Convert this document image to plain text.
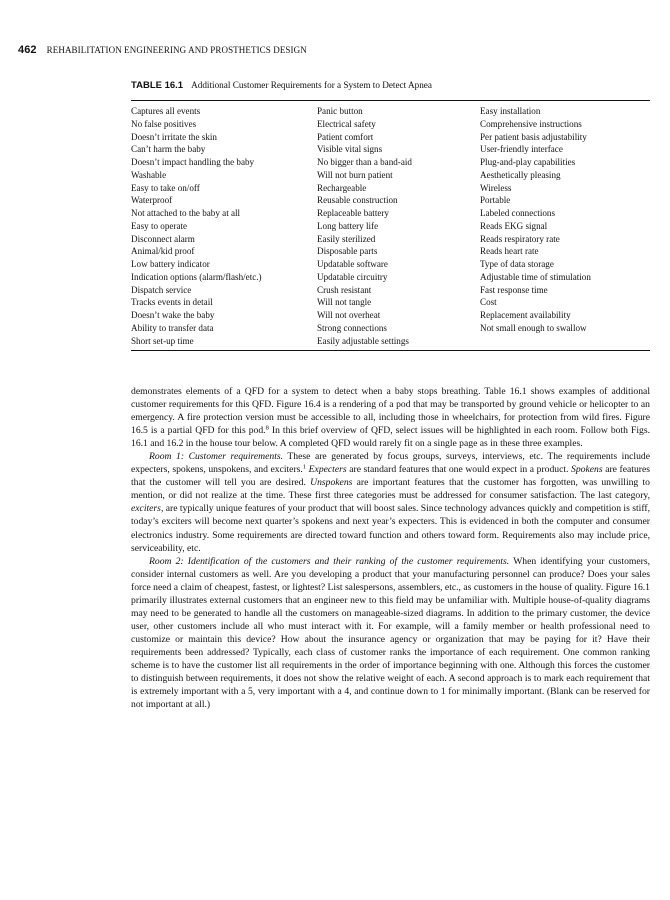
462 REHABILITATION ENGINEERING AND PROSTHETICS DESIGN
TABLE 16.1 Additional Customer Requirements for a System to Detect Apnea
Captures all events	Panic button	Easy installation
No false positives	Electrical safety	Comprehensive instructions
Doesn’t irritate the skin	Patient comfort	Per patient basis adjustability
Can’t harm the baby	Visible vital signs	User-friendly interface
Doesn’t impact handling the baby	No bigger than a band-aid	Plug-and-play capabilities
Washable	Will not burn patient	Aesthetically pleasing
Easy to take on/off	Rechargeable	Wireless
Waterproof	Reusable construction	Portable
Not attached to the baby at all	Replaceable battery	Labeled connections
Easy to operate	Long battery life	Reads EKG signal
Disconnect alarm	Easily sterilized	Reads respiratory rate
Animal/kid proof	Disposable parts	Reads heart rate
Low battery indicator	Updatable software	Type of data storage
Indication options (alarm/flash/etc.)	Updatable circuitry	Adjustable time of stimulation
Dispatch service	Crush resistant	Fast response time
Tracks events in detail	Will not tangle	Cost
Doesn’t wake the baby	Will not overheat	Replacement availability
Ability to transfer data	Strong connections	Not small enough to swallow
Short set-up time	Easily adjustable settings	

demonstrates elements of a QFD for a system to detect when a baby stops breathing. Table 16.1 shows examples of additional customer requirements for this QFD. Figure 16.4 is a rendering of a pod that may be transported by ground vehicle or helicopter to an emergency. A fire protection version must be accessible to all, including those in wheelchairs, for protection from wild fires. Figure 16.5 is a partial QFD for this pod.$^8$ In this brief overview of QFD, select issues will be highlighted in each room. Follow both Figs. 16.1 and 16.2 in the house tour below. A completed QFD would rarely fit on a single page as in these three examples.

Room 1: Customer requirements. These are generated by focus groups, surveys, interviews, etc. The requirements include expecters, spokens, unspokens, and exciters.$^1$ Expecters are standard features that one would expect in a product. Spokens are features that the customer will tell you are desired. Unspokens are important features that the customer has forgotten, was unwilling to mention, or did not realize at the time. These first three categories must be addressed for consumer satisfaction. The last category, exciters, are typically unique features of your product that will boost sales. Since technology advances quickly and competition is stiff, today’s exciters will become next quarter’s spokens and next year’s expecters. This is evidenced in both the computer and consumer electronics industry. Some requirements are directed toward function and others toward form. Requirements also may include price, serviceability, etc.

Room 2: Identification of the customers and their ranking of the customer requirements. When identifying your customers, consider internal customers as well. Are you developing a product that your manufacturing personnel can produce? Does your sales force need a claim of cheapest, fastest, or lightest? List salespersons, assemblers, etc., as customers in the house of quality. Figure 16.1 primarily illustrates external customers that an engineer new to this field may be unfamiliar with. Multiple house-of-quality diagrams may need to be generated to handle all the customers on manageable-sized diagrams. In addition to the primary customer, the device user, other customers include all who must interact with it. For example, will a family member or health professional need to customize or maintain this device? How about the insurance agency or organization that may be paying for it? Have their requirements been addressed? Typically, each class of customer ranks the importance of each requirement. One common ranking scheme is to have the customer list all requirements in the order of importance beginning with one. Although this forces the customer to distinguish between requirements, it does not show the relative weight of each. A second approach is to mark each requirement that is extremely important with a 5, very important with a 4, and continue down to 1 for minimally important. (Blank can be reserved for not important at all.)
